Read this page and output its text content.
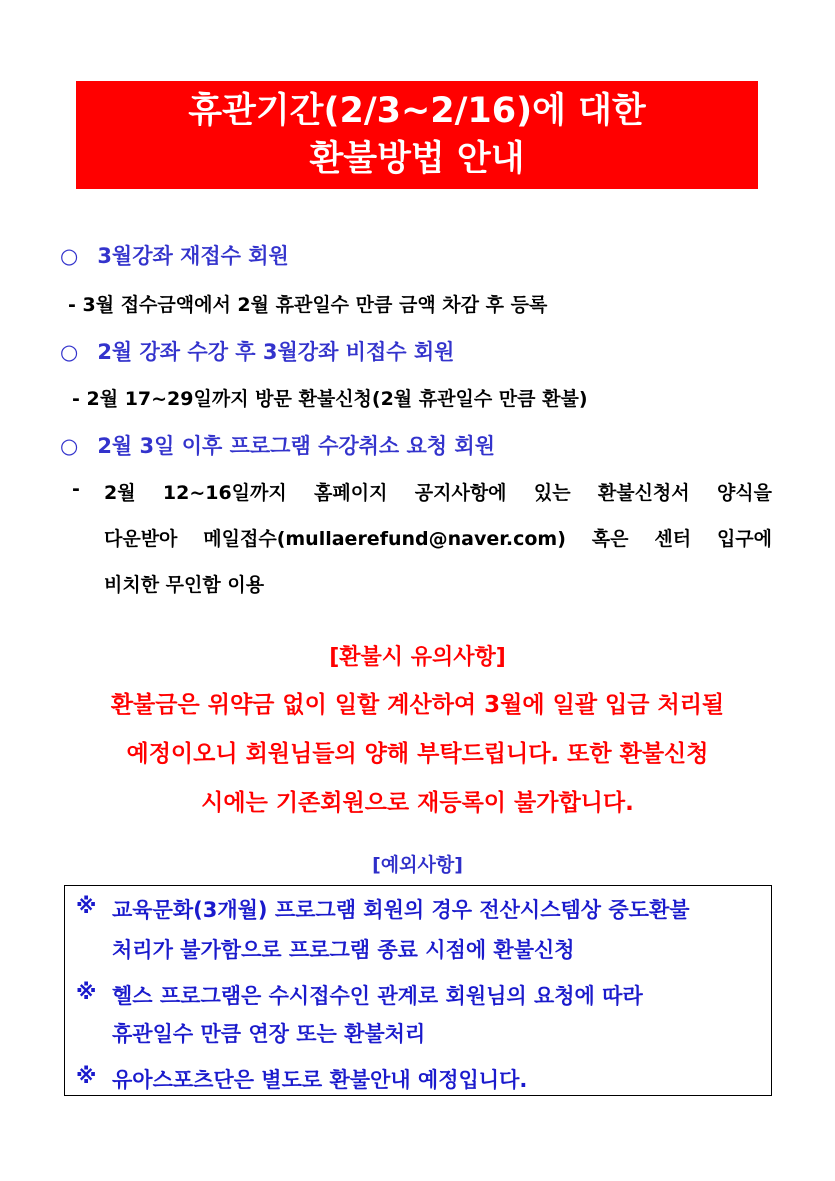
휴관기간(2/3~2/16)에 대한
환불방법 안내
○ 3월강좌 재접수 회원
- 3월 접수금액에서 2월 휴관일수 만큼 금액 차감 후 등록
○ 2월 강좌 수강 후 3월강좌 비접수 회원
- 2월 17~29일까지 방문 환불신청(2월 휴관일수 만큼 환불)
○ 2월 3일 이후 프로그램 수강취소 요청 회원
- 2월 12~16일까지 홈페이지 공지사항에 있는 환불신청서 양식을
다운받아 메일접수(mullaerefund@naver.com) 혹은 센터 입구에
비치한 무인함 이용
[환불시 유의사항]
환불금은 위약금 없이 일할 계산하여 3월에 일괄 입금 처리될
예정이오니 회원님들의 양해 부탁드립니다. 또한 환불신청
시에는 기존회원으로 재등록이 불가합니다.
[예외사항]
※ 교육문화(3개월) 프로그램 회원의 경우 전산시스템상 중도환불
처리가 불가함으로 프로그램 종료 시점에 환불신청
※ 헬스 프로그램은 수시접수인 관계로 회원님의 요청에 따라
휴관일수 만큼 연장 또는 환불처리
※ 유아스포츠단은 별도로 환불안내 예정입니다.
